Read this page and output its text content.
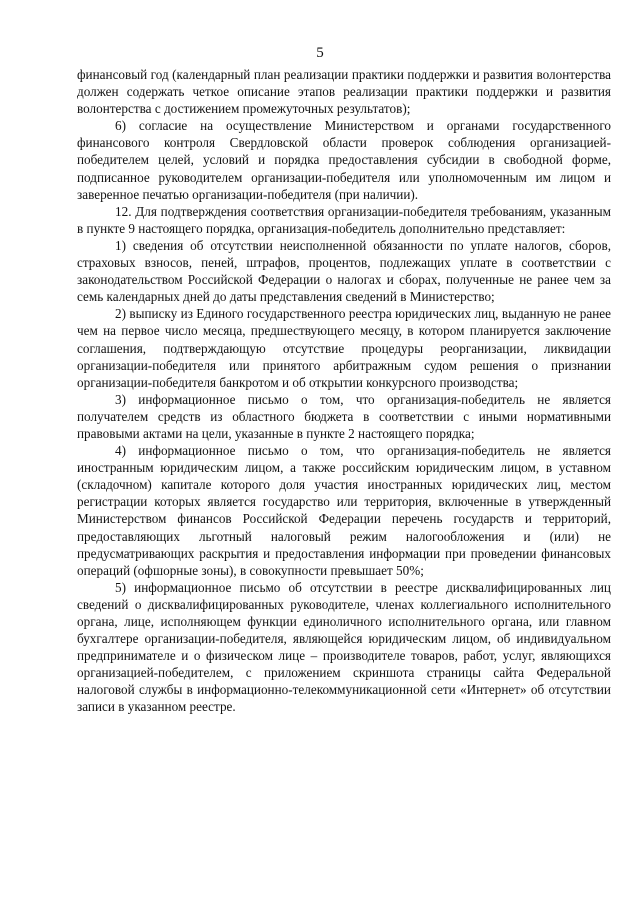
5

финансовый год (календарный план реализации практики поддержки и развития волонтерства должен содержать четкое описание этапов реализации практики поддержки и развития волонтерства с достижением промежуточных результатов);

6) согласие на осуществление Министерством и органами государственного финансового контроля Свердловской области проверок соблюдения организацией-победителем целей, условий и порядка предоставления субсидии в свободной форме, подписанное руководителем организации-победителя или уполномоченным им лицом и заверенное печатью организации-победителя (при наличии).

12. Для подтверждения соответствия организации-победителя требованиям, указанным в пункте 9 настоящего порядка, организация-победитель дополнительно представляет:

1) сведения об отсутствии неисполненной обязанности по уплате налогов, сборов, страховых взносов, пеней, штрафов, процентов, подлежащих уплате в соответствии с законодательством Российской Федерации о налогах и сборах, полученные не ранее чем за семь календарных дней до даты представления сведений в Министерство;

2) выписку из Единого государственного реестра юридических лиц, выданную не ранее чем на первое число месяца, предшествующего месяцу, в котором планируется заключение соглашения, подтверждающую отсутствие процедуры реорганизации, ликвидации организации-победителя или принятого арбитражным судом решения о признании организации-победителя банкротом и об открытии конкурсного производства;

3) информационное письмо о том, что организация-победитель не является получателем средств из областного бюджета в соответствии с иными нормативными правовыми актами на цели, указанные в пункте 2 настоящего порядка;

4) информационное письмо о том, что организация-победитель не является иностранным юридическим лицом, а также российским юридическим лицом, в уставном (складочном) капитале которого доля участия иностранных юридических лиц, местом регистрации которых является государство или территория, включенные в утвержденный Министерством финансов Российской Федерации перечень государств и территорий, предоставляющих льготный налоговый режим налогообложения и (или) не предусматривающих раскрытия и предоставления информации при проведении финансовых операций (офшорные зоны), в совокупности превышает 50%;

5) информационное письмо об отсутствии в реестре дисквалифицированных лиц сведений о дисквалифицированных руководителе, членах коллегиального исполнительного органа, лице, исполняющем функции единоличного исполнительного органа, или главном бухгалтере организации-победителя, являющейся юридическим лицом, об индивидуальном предпринимателе и о физическом лице – производителе товаров, работ, услуг, являющихся организацией-победителем, с приложением скриншота страницы сайта Федеральной налоговой службы в информационно-телекоммуникационной сети «Интернет» об отсутствии записи в указанном реестре.
